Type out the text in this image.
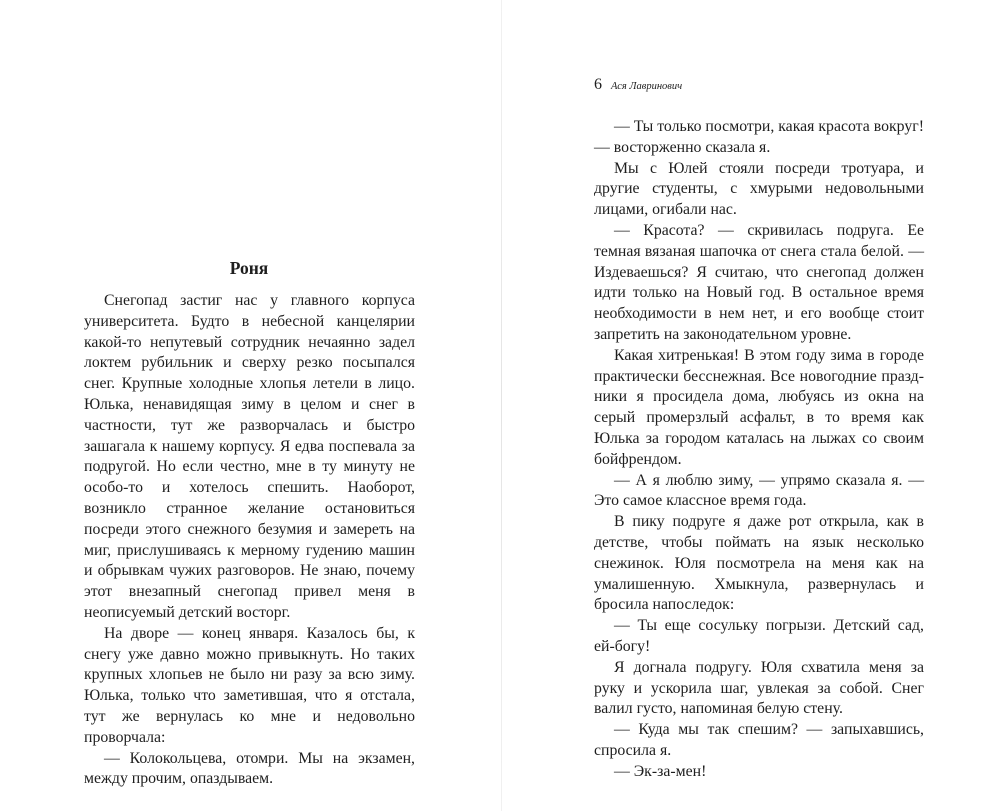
Роня

Снегопад застиг нас у главного корпуса университета. Будто в небесной канцелярии какой-то непутевый сотрудник нечаянно задел локтем рубильник и сверху резко посыпался снег. Крупные холодные хлопья летели в лицо. Юлька, ненавидящая зиму в целом и снег в частности, тут же разворчалась и быстро зашагала к нашему корпусу. Я едва поспевала за подругой. Но если честно, мне в ту минуту не особо-то и хотелось спешить. Наоборот, возникло странное желание остановиться посреди этого снежного безумия и замереть на миг, прислушиваясь к мерному гудению машин и обрывкам чужих разговоров. Не знаю, почему этот внезапный снегопад привел меня в неописуемый детский восторг.

На дворе — конец января. Казалось бы, к снегу уже давно можно привыкнуть. Но таких крупных хлопьев не было ни разу за всю зиму. Юлька, только что заметившая, что я отстала, тут же вернулась ко мне и недовольно проворчала:

— Колокольцева, отомри. Мы на экзамен, между прочим, опаздываем.

6 Ася Лавринович

— Ты только посмотри, какая красота вокруг! — восторженно сказала я.

Мы с Юлей стояли посреди тротуара, и другие студенты, с хмурыми недовольными лицами, огибали нас.

— Красота? — скривилась подруга. Ее темная вязаная шапочка от снега стала белой. — Издеваешься? Я считаю, что снегопад должен идти только на Новый год. В остальное время необходимости в нем нет, и его вообще стоит запретить на законодательном уровне.

Какая хитренькая! В этом году зима в городе практически бесснежная. Все новогодние праздники я просидела дома, любуясь из окна на серый промерзлый асфальт, в то время как Юлька за городом каталась на лыжах со своим бойфрендом.

— А я люблю зиму, — упрямо сказала я. — Это самое классное время года.

В пику подруге я даже рот открыла, как в детстве, чтобы поймать на язык несколько снежинок. Юля посмотрела на меня как на умалишенную. Хмыкнула, развернулась и бросила напоследок:

— Ты еще сосульку погрызи. Детский сад, ей-богу!

Я догнала подругу. Юля схватила меня за руку и ускорила шаг, увлекая за собой. Снег валил густо, напоминая белую стену.

— Куда мы так спешим? — запыхавшись, спросила я.

— Эк-за-мен!
